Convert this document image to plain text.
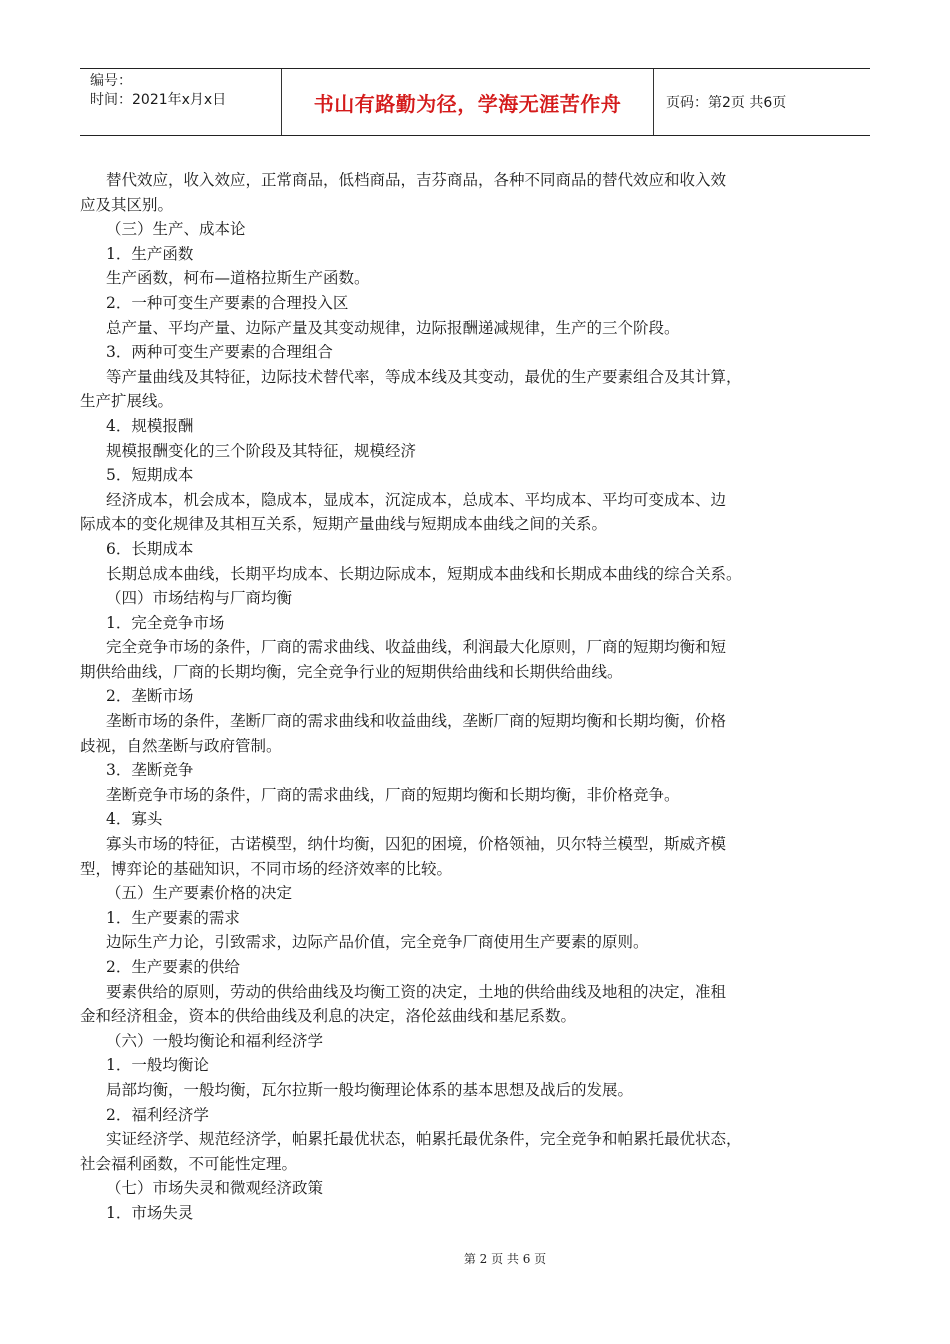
编号：
时间：2021年x月x日	书山有路勤为径，学海无涯苦作舟	页码：第2页 共6页
替代效应，收入效应，正常商品，低档商品，吉芬商品，各种不同商品的替代效应和收入效
应及其区别。
（三）生产、成本论
1．生产函数
生产函数，柯布—道格拉斯生产函数。
2．一种可变生产要素的合理投入区
总产量、平均产量、边际产量及其变动规律，边际报酬递减规律，生产的三个阶段。
3．两种可变生产要素的合理组合
等产量曲线及其特征，边际技术替代率，等成本线及其变动，最优的生产要素组合及其计算，
生产扩展线。
4．规模报酬
规模报酬变化的三个阶段及其特征，规模经济
5．短期成本
经济成本，机会成本，隐成本，显成本，沉淀成本，总成本、平均成本、平均可变成本、边
际成本的变化规律及其相互关系，短期产量曲线与短期成本曲线之间的关系。
6．长期成本
长期总成本曲线，长期平均成本、长期边际成本，短期成本曲线和长期成本曲线的综合关系。
（四）市场结构与厂商均衡
1．完全竞争市场
完全竞争市场的条件，厂商的需求曲线、收益曲线，利润最大化原则，厂商的短期均衡和短
期供给曲线，厂商的长期均衡，完全竞争行业的短期供给曲线和长期供给曲线。
2．垄断市场
垄断市场的条件，垄断厂商的需求曲线和收益曲线，垄断厂商的短期均衡和长期均衡，价格
歧视，自然垄断与政府管制。
3．垄断竞争
垄断竞争市场的条件，厂商的需求曲线，厂商的短期均衡和长期均衡，非价格竞争。
4．寡头
寡头市场的特征，古诺模型，纳什均衡，囚犯的困境，价格领袖，贝尔特兰模型，斯威齐模
型，博弈论的基础知识，不同市场的经济效率的比较。
（五）生产要素价格的决定
1．生产要素的需求
边际生产力论，引致需求，边际产品价值，完全竞争厂商使用生产要素的原则。
2．生产要素的供给
要素供给的原则，劳动的供给曲线及均衡工资的决定，土地的供给曲线及地租的决定，准租
金和经济租金，资本的供给曲线及利息的决定，洛伦兹曲线和基尼系数。
（六）一般均衡论和福利经济学
1．一般均衡论
局部均衡，一般均衡，瓦尔拉斯一般均衡理论体系的基本思想及战后的发展。
2．福利经济学
实证经济学、规范经济学，帕累托最优状态，帕累托最优条件，完全竞争和帕累托最优状态，
社会福利函数，不可能性定理。
（七）市场失灵和微观经济政策
1．市场失灵
第 2 页 共 6 页
